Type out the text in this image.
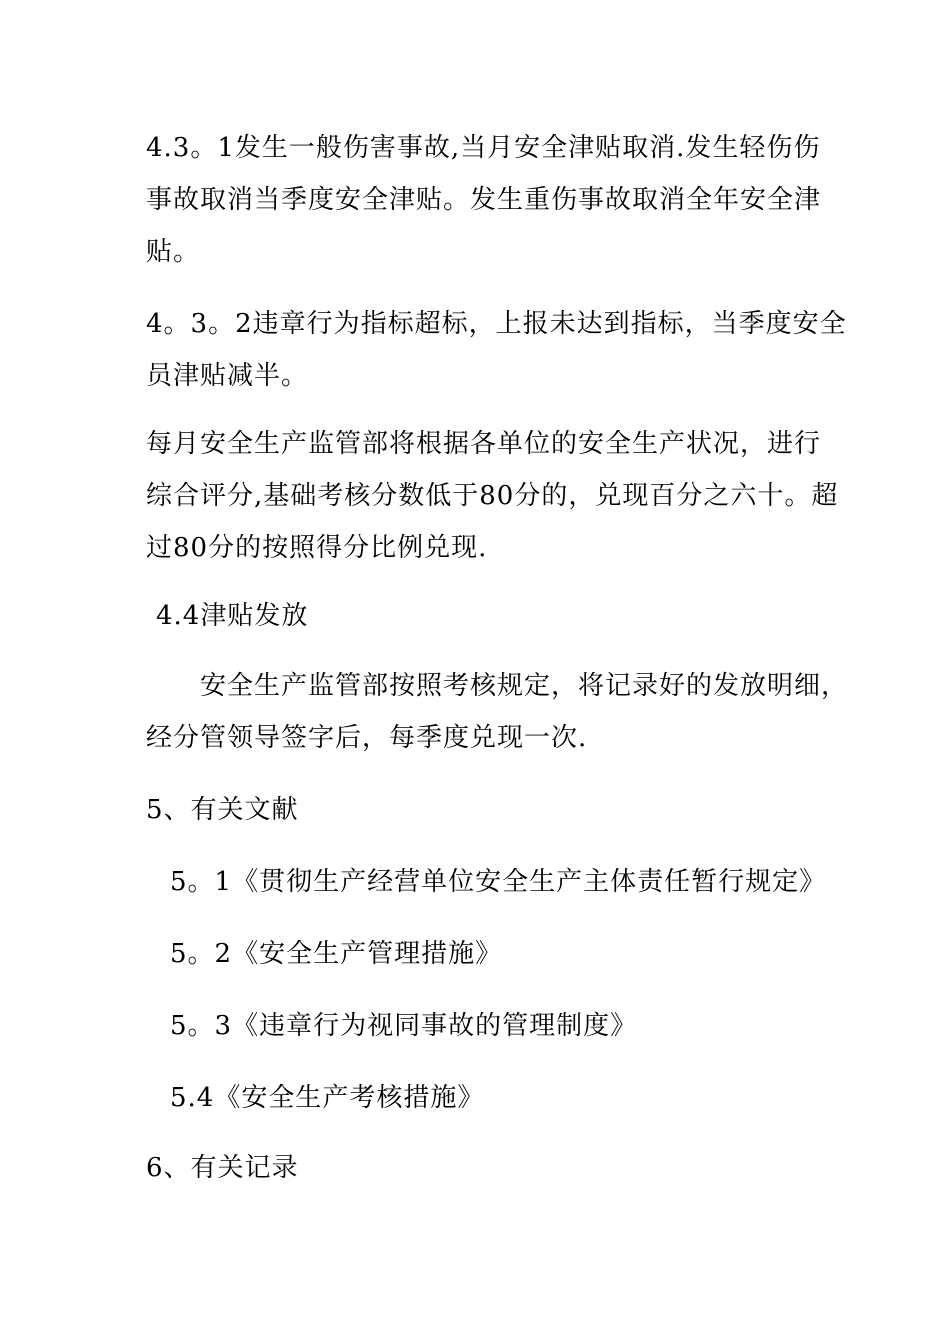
4.3。1发生一般伤害事故,当月安全津贴取消.发生轻伤伤
事故取消当季度安全津贴。发生重伤事故取消全年安全津
贴。

4。3。2违章行为指标超标，上报未达到指标，当季度安全
员津贴减半。

每月安全生产监管部将根据各单位的安全生产状况，进行
综合评分,基础考核分数低于80分的，兑现百分之六十。超
过80分的按照得分比例兑现.

4.4津贴发放

　　安全生产监管部按照考核规定，将记录好的发放明细，
经分管领导签字后，每季度兑现一次.

5、有关文献

5。1《贯彻生产经营单位安全生产主体责任暂行规定》

5。2《安全生产管理措施》

5。3《违章行为视同事故的管理制度》

5.4《安全生产考核措施》

6、有关记录
